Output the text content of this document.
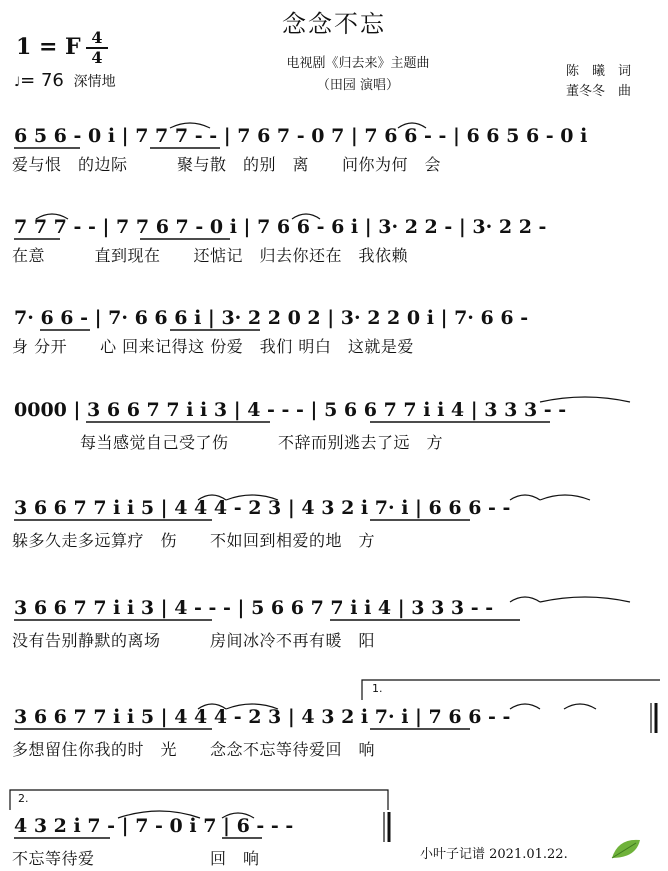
念念不忘
1 = F 4
4
♩= 76 深情地
电视剧《归去来》主题曲
（田园 演唱）
陈　曦　词
董冬冬　曲
6 5 6 - 0 i | 7 7 7 - - | 7 6 7 - 0 7 | 7 6 6 - - | 6 6 5 6 - 0 i
7 7 7 - - | 7 7 6 7 - 0 i | 7 6 6 - 6 i | 3· 2 2 - | 3· 2 2 -
7· 6 6 - | 7· 6 6 6 i | 3· 2 2 0 2 | 3· 2 2 0 i | 7· 6 6 -
0000 | 3 6 6 7 7 i i 3 | 4 - - - | 5 6 6 7 7 i i 4 | 3 3 3 - -
3 6 6 7 7 i i 5 | 4 4 4 - 2 3 | 4 3 2 i 7· i | 6 6 6 - -
3 6 6 7 7 i i 3 | 4 - - - | 5 6 6 7 7 i i 4 | 3 3 3 - -
3 6 6 7 7 i i 5 | 4 4 4 - 2 3 | 4 3 2 i 7· i | 7 6 6 - -
4 3 2 i 7 - | 7 - 0 i 7 | 6 - - -
1.
2.
爱与恨　的边际　　　聚与散　的别　离　　问你为何　会
在意　　　直到现在　　还惦记　归去你还在　我依赖
身 分开　　心 回来记得这 份爱　我们 明白　这就是爱
每当感觉自己受了伤　　　不辞而别逃去了远　方
躲多久走多远算疗　伤　　不如回到相爱的地　方
没有告别静默的离场　　　房间冰冷不再有暖　阳
多想留住你我的时　光　　念念不忘等待爱回　响
不忘等待爱　　　　　　　回　响	小叶子记谱 2021.01.22.
